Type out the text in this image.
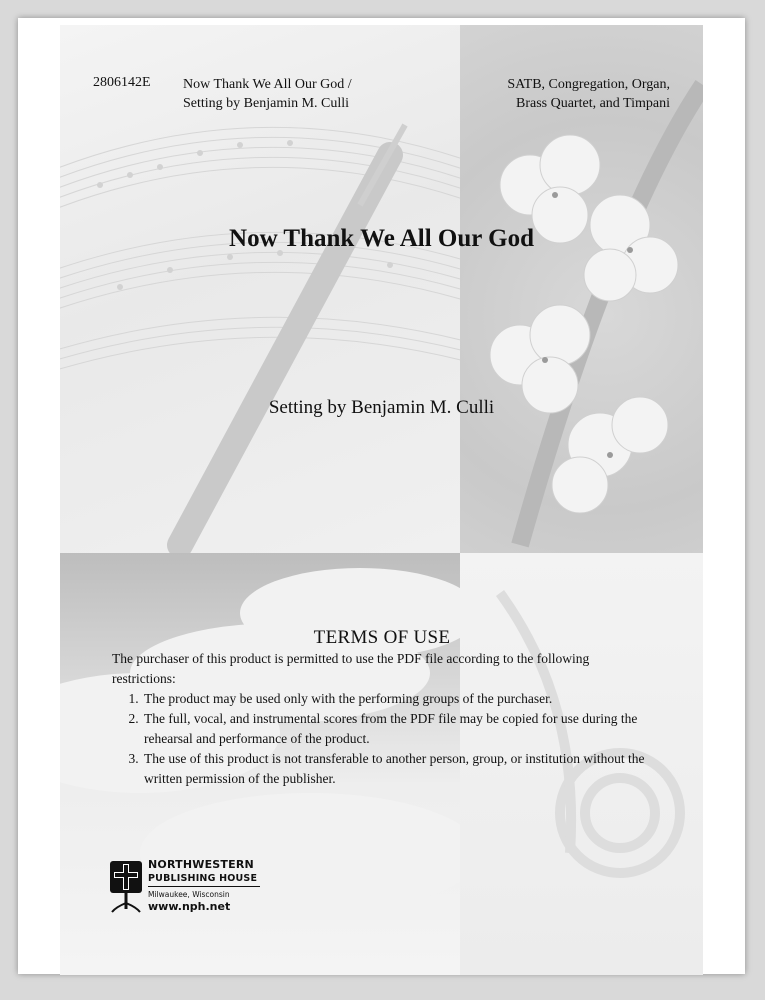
2806142E Now Thank We All Our God /
Setting by Benjamin M. Culli
SATB, Congregation, Organ,
Brass Quartet, and Timpani
Now Thank We All Our God
Setting by Benjamin M. Culli
TERMS OF USE
The purchaser of this product is permitted to use the PDF file according to the following restrictions:
1. The product may be used only with the performing groups of the purchaser.
2. The full, vocal, and instrumental scores from the PDF file may be copied for use during the rehearsal and performance of the product.
3. The use of this product is not transferable to another person, group, or institution without the written permission of the publisher.
NORTHWESTERN
PUBLISHING HOUSE
Milwaukee, Wisconsin
www.nph.net
